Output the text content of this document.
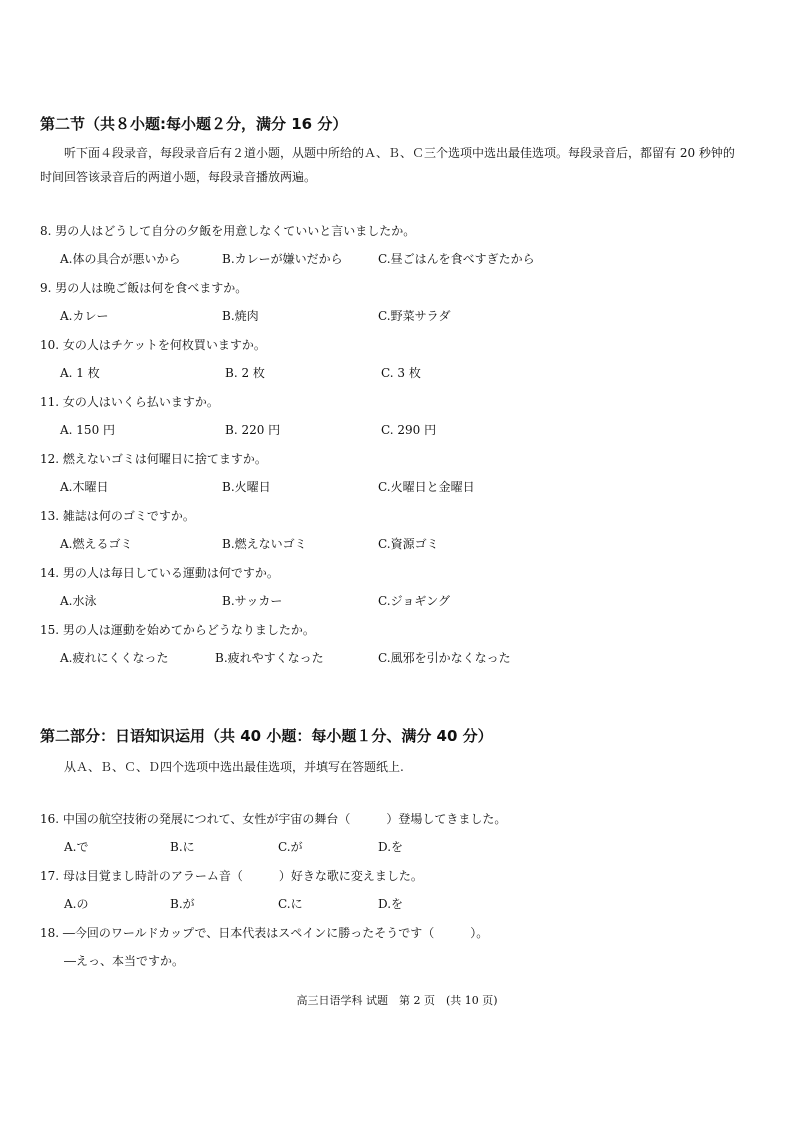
第二节（共８小题:每小题２分，满分 16 分）
听下面４段录音，每段录音后有２道小题，从题中所给的Ａ、Ｂ、Ｃ三个选项中选出最佳选项。每段录音后，都留有 20 秒钟的
时间回答该录音后的两道小题，每段录音播放两遍。
8. 男の人はどうして自分の夕飯を用意しなくていいと言いましたか。
A.体の具合が悪いから	B.カレーが嫌いだから	C.昼ごはんを食べすぎたから
9. 男の人は晩ご飯は何を食べますか。
A.カレー	B.焼肉	C.野菜サラダ
10. 女の人はチケットを何枚買いますか。
A. 1 枚	B. 2 枚	C. 3 枚
11. 女の人はいくら払いますか。
A. 150 円	B. 220 円	C. 290 円
12. 燃えないゴミは何曜日に捨てますか。
A.木曜日	B.火曜日	C.火曜日と金曜日
13. 雑誌は何のゴミですか。
A.燃えるゴミ	B.燃えないゴミ	C.資源ゴミ
14. 男の人は毎日している運動は何ですか。
A.水泳	B.サッカー	C.ジョギング
15. 男の人は運動を始めてからどうなりましたか。
A.疲れにくくなった	B.疲れやすくなった	C.風邪を引かなくなった
第二部分：日语知识运用（共 40 小题：每小题１分、满分 40 分）
从Ａ、Ｂ、Ｃ、Ｄ四个选项中选出最佳选项，并填写在答题纸上.
16. 中国の航空技術の発展につれて、女性が宇宙の舞台（　　　）登場してきました。
A.で	B.に	C.が	D.を
17. 母は目覚まし時計のアラーム音（　　　）好きな歌に変えました。
A.の	B.が	C.に	D.を
18. ―今回のワールドカップで、日本代表はスペインに勝ったそうです（　　　）。
―えっ、本当ですか。
高三日语学科 试题　第 2 页　(共 10 页)
